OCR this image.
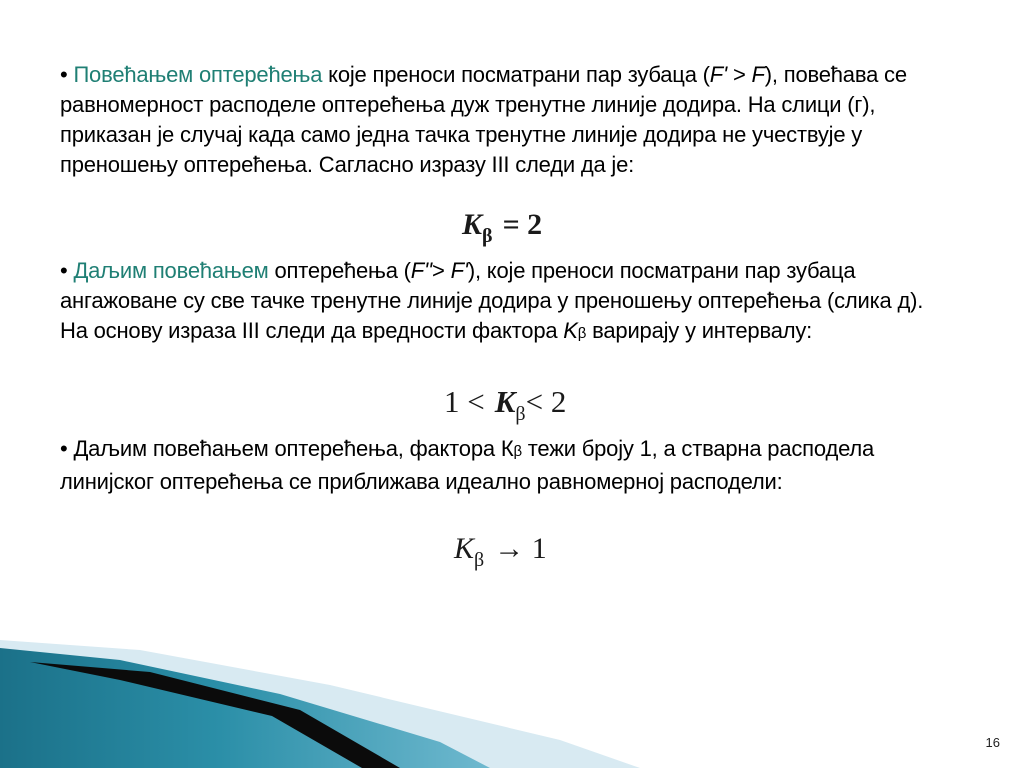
• Повећањем оптерећења које преноси посматрани пар зубаца (F' > F), повећава се равномерност расподеле оптерећења дуж тренутне линије додира. На слици (г), приказан је случај када само једна тачка тренутне линије додира не учествује у преношењу оптерећења. Сагласно изразу III следи да је:
$K_\beta = 2$
• Даљим повећањем оптерећења (F''> F'), које преноси посматрани пар зубаца ангажоване су све тачке тренутне линије додира у преношењу оптерећења (слика д). На основу израза III следи да вредности фактора Kβ варирају у интервалу:
$1 < K_\beta< 2$
• Даљим повећањем оптерећења, фактора Кβ тежи броју 1, а стварна расподела линијског оптерећења се приближава идеално равномерној расподели:
$K_\beta \to 1$
16
